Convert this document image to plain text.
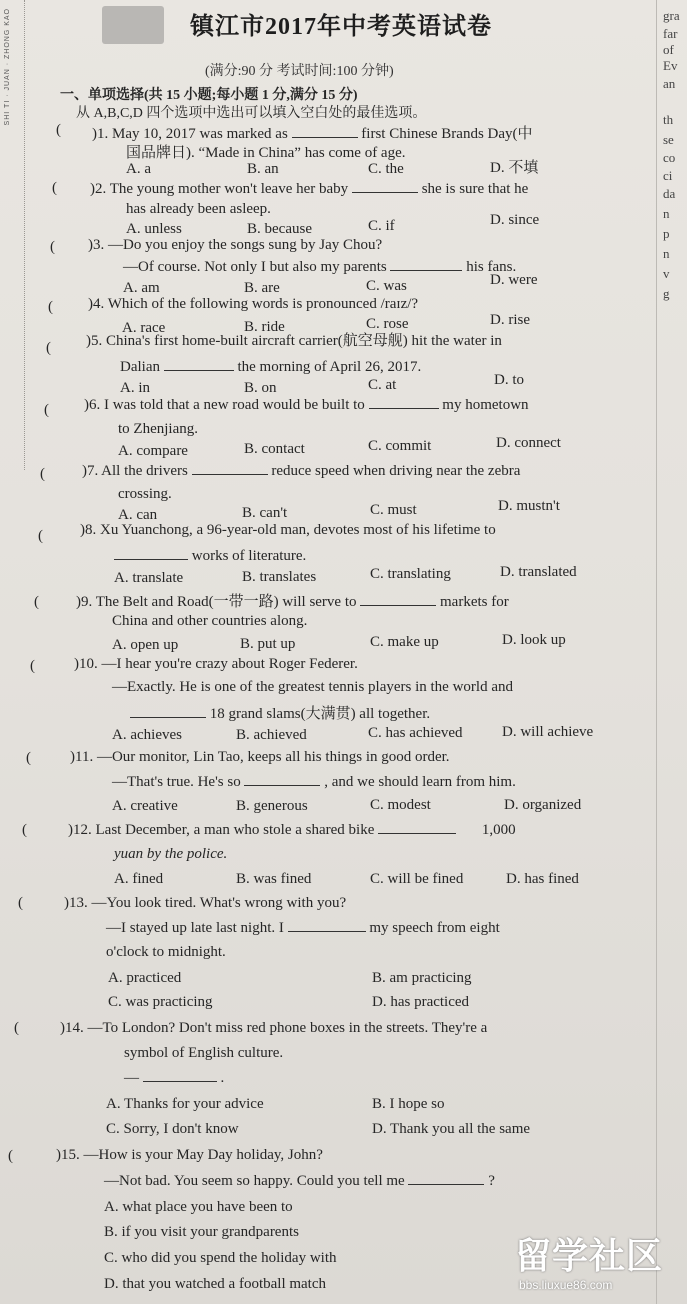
SHI TI · JUAN · ZHONG KAO	gra
far
of
Ev
an
th
se
co
ci
da
n
p
n
v
g
镇江市2017年中考英语试卷
(满分:90 分 考试时间:100 分钟)
一、单项选择(共 15 小题;每小题 1 分,满分 15 分)
从 A,B,C,D 四个选项中选出可以填入空白处的最佳选项。
( )1. May 10, 2017 was marked as	first Chinese Brands Day(中
国品牌日). “Made in China” has come of age.
A. a	B. an	C. the	D. 不填
( )2. The young mother won't leave her baby	she is sure that he
has already been asleep.
A. unless	B. because	C. if	D. since
( )3. —Do you enjoy the songs sung by Jay Chou?
—Of course. Not only I but also my parents	his fans.
A. am	B. are	C. was	D. were
( )4. Which of the following words is pronounced /raɪz/?
A. race	B. ride	C. rose	D. rise
( )5. China's first home-built aircraft carrier(航空母舰) hit the water in
Dalian	the morning of April 26, 2017.
A. in	B. on	C. at	D. to
( )6. I was told that a new road would be built to	my hometown
to Zhenjiang.
A. compare	B. contact	C. commit	D. connect
( )7. All the drivers	reduce speed when driving near the zebra
crossing.
A. can	B. can't	C. must	D. mustn't
( )8. Xu Yuanchong, a 96-year-old man, devotes most of his lifetime to
works of literature.
A. translate	B. translates	C. translating	D. translated
( )9. The Belt and Road(一带一路) will serve to	markets for
China and other countries along.
A. open up	B. put up	C. make up	D. look up
(	)10. —I hear you're crazy about Roger Federer.
—Exactly. He is one of the greatest tennis players in the world and
18 grand slams(大满贯) all together.
A. achieves	B. achieved	C. has achieved	D. will achieve
(	)11. —Our monitor, Lin Tao, keeps all his things in good order.
—That's true. He's so	, and we should learn from him.
A. creative	B. generous	C. modest	D. organized
(	)12. Last December, a man who stole a shared bike	1,000
yuan by the police.
A. fined	B. was fined	C. will be fined	D. has fined
(	)13. —You look tired. What's wrong with you?
—I stayed up late last night. I	my speech from eight
o'clock to midnight.
A. practiced	B. am practicing
C. was practicing	D. has practiced
(	)14. —To London? Don't miss red phone boxes in the streets. They're a
symbol of English culture.
—	.
A. Thanks for your advice	B. I hope so
C. Sorry, I don't know	D. Thank you all the same
(	)15. —How is your May Day holiday, John?
—Not bad. You seem so happy. Could you tell me	?
A. what place you have been to
B. if you visit your grandparents
C. who did you spend the holiday with
D. that you watched a football match
留学社区
bbs.liuxue86.com
